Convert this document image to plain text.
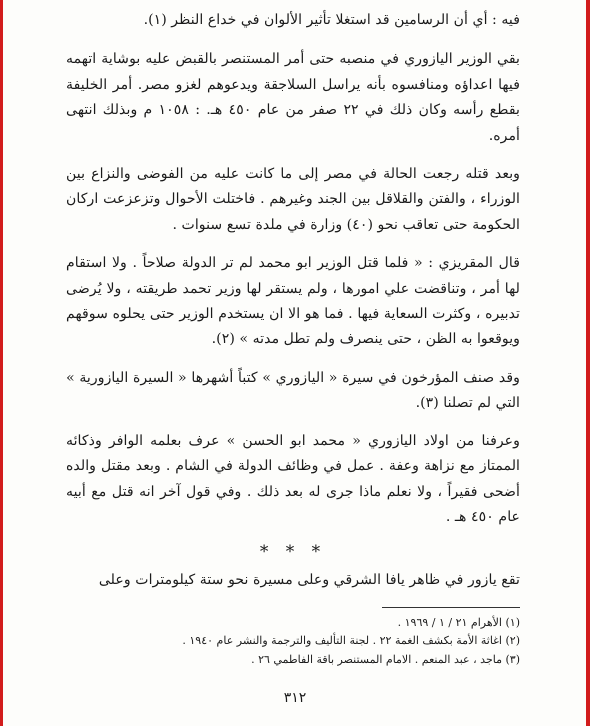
فيه : أي أن الرسامين قد استغلا تأثير الألوان في خداع النظر (١).

بقي الوزير اليازوري في منصبه حتى أمر المستنصر بالقبض عليه بوشاية اتهمه فيها اعداؤه ومنافسوه بأنه يراسل السلاجقة ويدعوهم لغزو مصر. أمر الخليفة بقطع رأسه وكان ذلك في ٢٢ صفر من عام ٤٥٠ هـ. : ١٠٥٨ م وبذلك انتهى أمره.

وبعد قتله رجعت الحالة في مصر إلى ما كانت عليه من الفوضى والنزاع بين الوزراء ، والفتن والقلاقل بين الجند وغيرهم . فاختلت الأحوال وتزعزعت اركان الحكومة حتى تعاقب نحو (٤٠) وزارة في ملدة تسع سنوات .

قال المقريزي : « فلما قتل الوزير ابو محمد لم تر الدولة صلاحاً . ولا استقام لها أمر ، وتناقضت علي امورها ، ولم يستقر لها وزير تحمد طريقته ، ولا يُرضى تدبيره ، وكثرت السعاية فيها . فما هو الا ان يستخدم الوزير حتى يحلوه سوقهم ويوقعوا به الظن ، حتى ينصرف ولم تطل مدته » (٢).

وقد صنف المؤرخون في سيرة « اليازوري » كتباً أشهرها « السيرة اليازورية » التي لم تصلنا (٣).

وعرفنا من اولاد اليازوري « محمد ابو الحسن » عرف بعلمه الوافر وذكائه الممتاز مع نزاهة وعفة . عمل في وظائف الدولة في الشام . وبعد مقتل والده أضحى فقيراً ، ولا نعلم ماذا جرى له بعد ذلك . وفي قول آخر انه قتل مع أبيه عام ٤٥٠ هـ .

* * *

تقع يازور في ظاهر يافا الشرقي وعلى مسيرة نحو ستة كيلومترات وعلى

(١) الأهرام ٢١ / ١ / ١٩٦٩ .
(٢) اغاثة الأمة بكشف الغمة ٢٢ . لجنة التأليف والترجمة والنشر عام ١٩٤٠ .
(٣) ماجد ، عبد المنعم . الامام المستنصر باقة الفاطمي ٢٦ .
٣١٢
